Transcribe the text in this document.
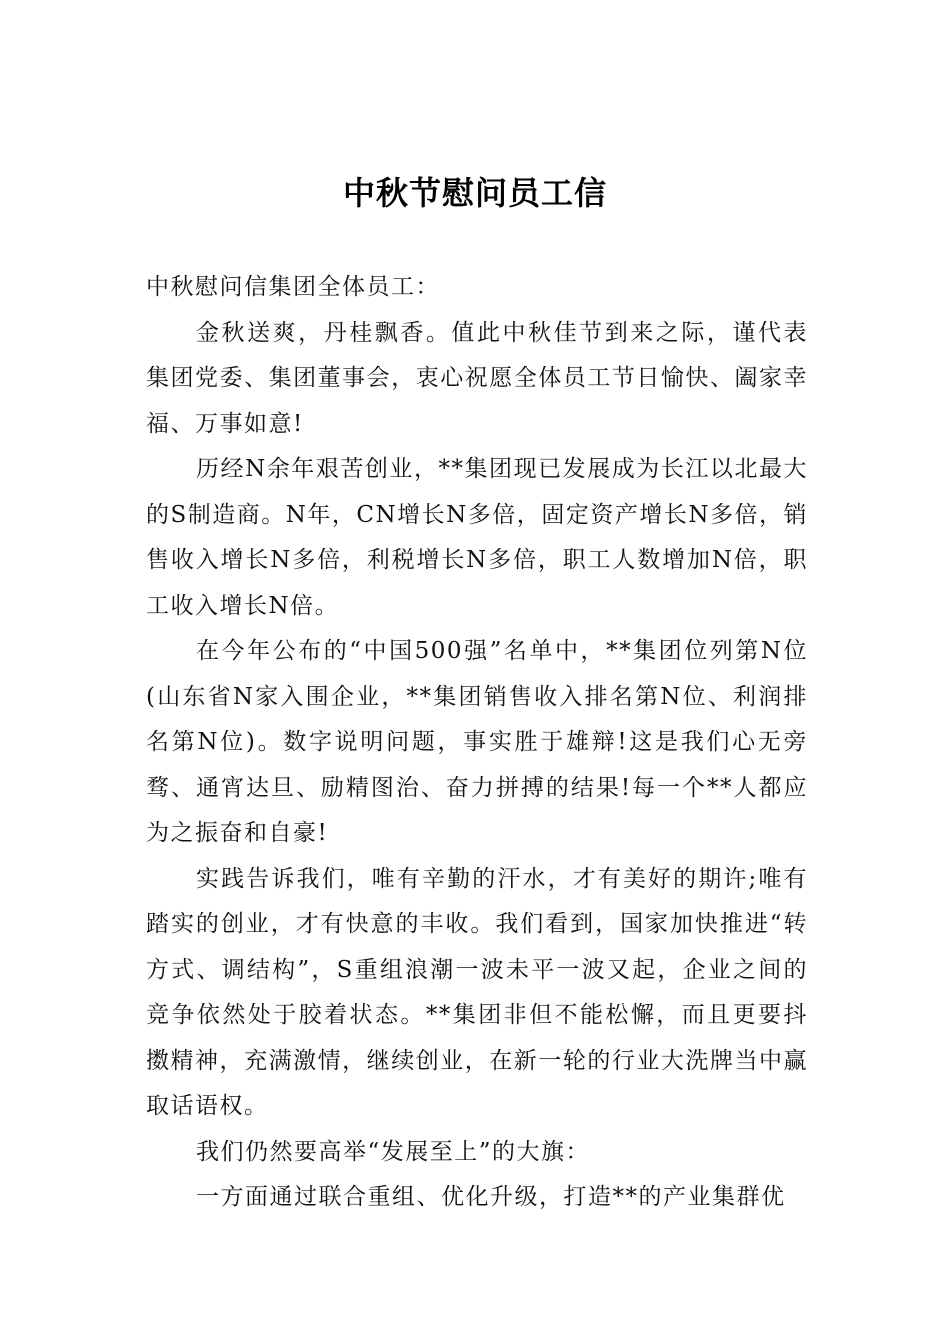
中秋节慰问员工信

中秋慰问信集团全体员工：

金秋送爽，丹桂飘香。值此中秋佳节到来之际，谨代表集团党委、集团董事会，衷心祝愿全体员工节日愉快、阖家幸福、万事如意!

历经N余年艰苦创业，**集团现已发展成为长江以北最大的S制造商。N年，CN增长N多倍，固定资产增长N多倍，销售收入增长N多倍，利税增长N多倍，职工人数增加N倍，职工收入增长N倍。

在今年公布的“中国500强”名单中，**集团位列第N位(山东省N家入围企业，**集团销售收入排名第N位、利润排名第N位)。数字说明问题，事实胜于雄辩!这是我们心无旁骛、通宵达旦、励精图治、奋力拼搏的结果!每一个**人都应为之振奋和自豪!

实践告诉我们，唯有辛勤的汗水，才有美好的期许;唯有踏实的创业，才有快意的丰收。我们看到，国家加快推进“转方式、调结构”，S重组浪潮一波未平一波又起，企业之间的竞争依然处于胶着状态。**集团非但不能松懈，而且更要抖擞精神，充满激情，继续创业，在新一轮的行业大洗牌当中赢取话语权。

我们仍然要高举“发展至上”的大旗：

一方面通过联合重组、优化升级，打造**的产业集群优
